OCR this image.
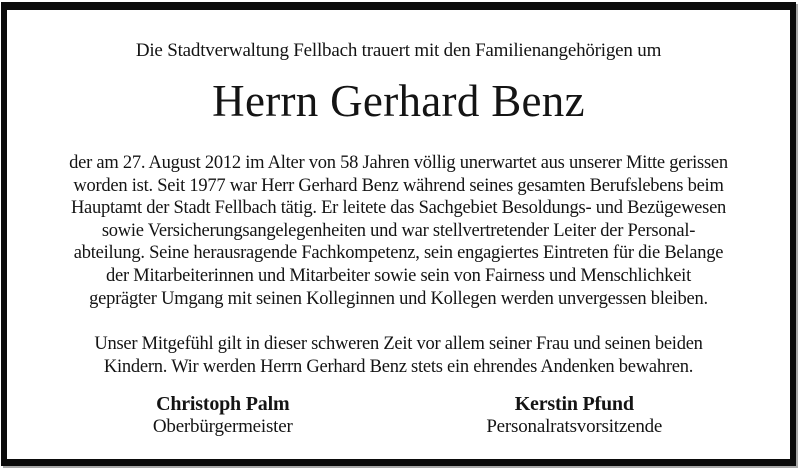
Die Stadtverwaltung Fellbach trauert mit den Familienangehörigen um
Herrn Gerhard Benz
der am 27. August 2012 im Alter von 58 Jahren völlig unerwartet aus unserer Mitte gerissen
worden ist. Seit 1977 war Herr Gerhard Benz während seines gesamten Berufslebens beim
Hauptamt der Stadt Fellbach tätig. Er leitete das Sachgebiet Besoldungs- und Bezügewesen
sowie Versicherungsangelegenheiten und war stellvertretender Leiter der Personal-
abteilung. Seine herausragende Fachkompetenz, sein engagiertes Eintreten für die Belange
der Mitarbeiterinnen und Mitarbeiter sowie sein von Fairness und Menschlichkeit
geprägter Umgang mit seinen Kolleginnen und Kollegen werden unvergessen bleiben.
Unser Mitgefühl gilt in dieser schweren Zeit vor allem seiner Frau und seinen beiden
Kindern. Wir werden Herrn Gerhard Benz stets ein ehrendes Andenken bewahren.
Christoph Palm
Oberbürgermeister
Kerstin Pfund
Personalratsvorsitzende
